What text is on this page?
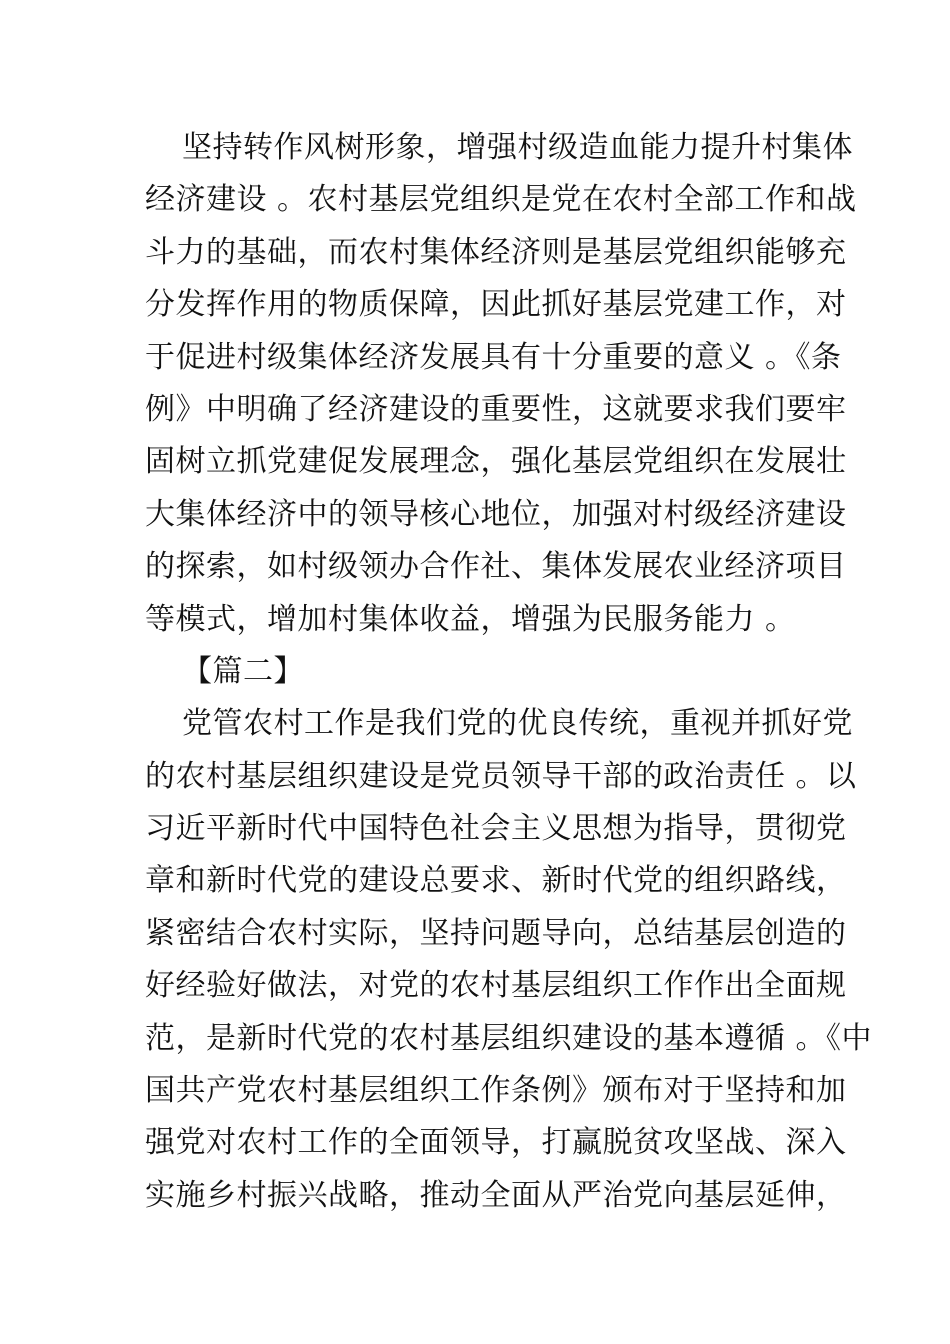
坚持转作风树形象，增强村级造血能力提升村集体
经济建设 。农村基层党组织是党在农村全部工作和战
斗力的基础，而农村集体经济则是基层党组织能够充
分发挥作用的物质保障，因此抓好基层党建工作，对
于促进村级集体经济发展具有十分重要的意义 。《条
例》中明确了经济建设的重要性，这就要求我们要牢
固树立抓党建促发展理念，强化基层党组织在发展壮
大集体经济中的领导核心地位，加强对村级经济建设
的探索，如村级领办合作社、集体发展农业经济项目
等模式，增加村集体收益，增强为民服务能力 。
【篇二】
党管农村工作是我们党的优良传统，重视并抓好党
的农村基层组织建设是党员领导干部的政治责任 。以
习近平新时代中国特色社会主义思想为指导，贯彻党
章和新时代党的建设总要求、新时代党的组织路线，
紧密结合农村实际，坚持问题导向，总结基层创造的
好经验好做法，对党的农村基层组织工作作出全面规
范，是新时代党的农村基层组织建设的基本遵循 。《中
国共产党农村基层组织工作条例》颁布对于坚持和加
强党对农村工作的全面领导，打赢脱贫攻坚战、深入
实施乡村振兴战略，推动全面从严治党向基层延伸，
